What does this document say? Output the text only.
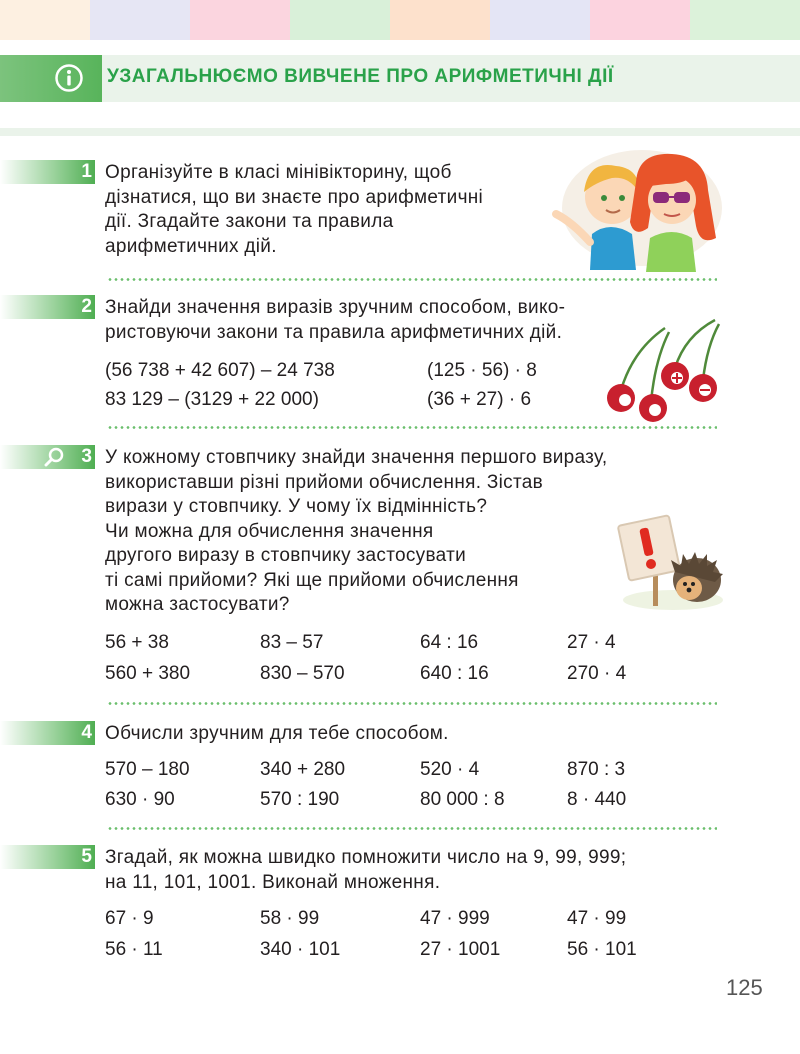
УЗАГАЛЬНЮЄМО ВИВЧЕНЕ ПРО АРИФМЕТИЧНІ ДІЇ
1 Організуйте в класі мінівікторину, щоб
дізнатися, що ви знаєте про арифметичні
дії. Згадайте закони та правила
арифметичних дій.
2 Знайди значення виразів зручним способом, вико-
ристовуючи закони та правила арифметичних дій.
(56 738 + 42 607) – 24 738	(125 · 56) · 8
83 129 – (3129 + 22 000)	(36 + 27) · 6
3 У кожному стовпчику знайди значення першого виразу,
використавши різні прийоми обчислення. Зістав
вирази у стовпчику. У чому їх відмінність?
Чи можна для обчислення значення
другого виразу в стовпчику застосувати
ті самі прийоми? Які ще прийоми обчислення
можна застосувати?
56 + 38	83 – 57	64 : 16	27 · 4
560 + 380	830 – 570	640 : 16	270 · 4
4 Обчисли зручним для тебе способом.
570 – 180	340 + 280	520 · 4	870 : 3
630 · 90	570 : 190	80 000 : 8	8 · 440
5 Згадай, як можна швидко помножити число на 9, 99, 999;
на 11, 101, 1001. Виконай множення.
67 · 9	58 · 99	47 · 999	47 · 99
56 · 11	340 · 101	27 · 1001	56 · 101
125
